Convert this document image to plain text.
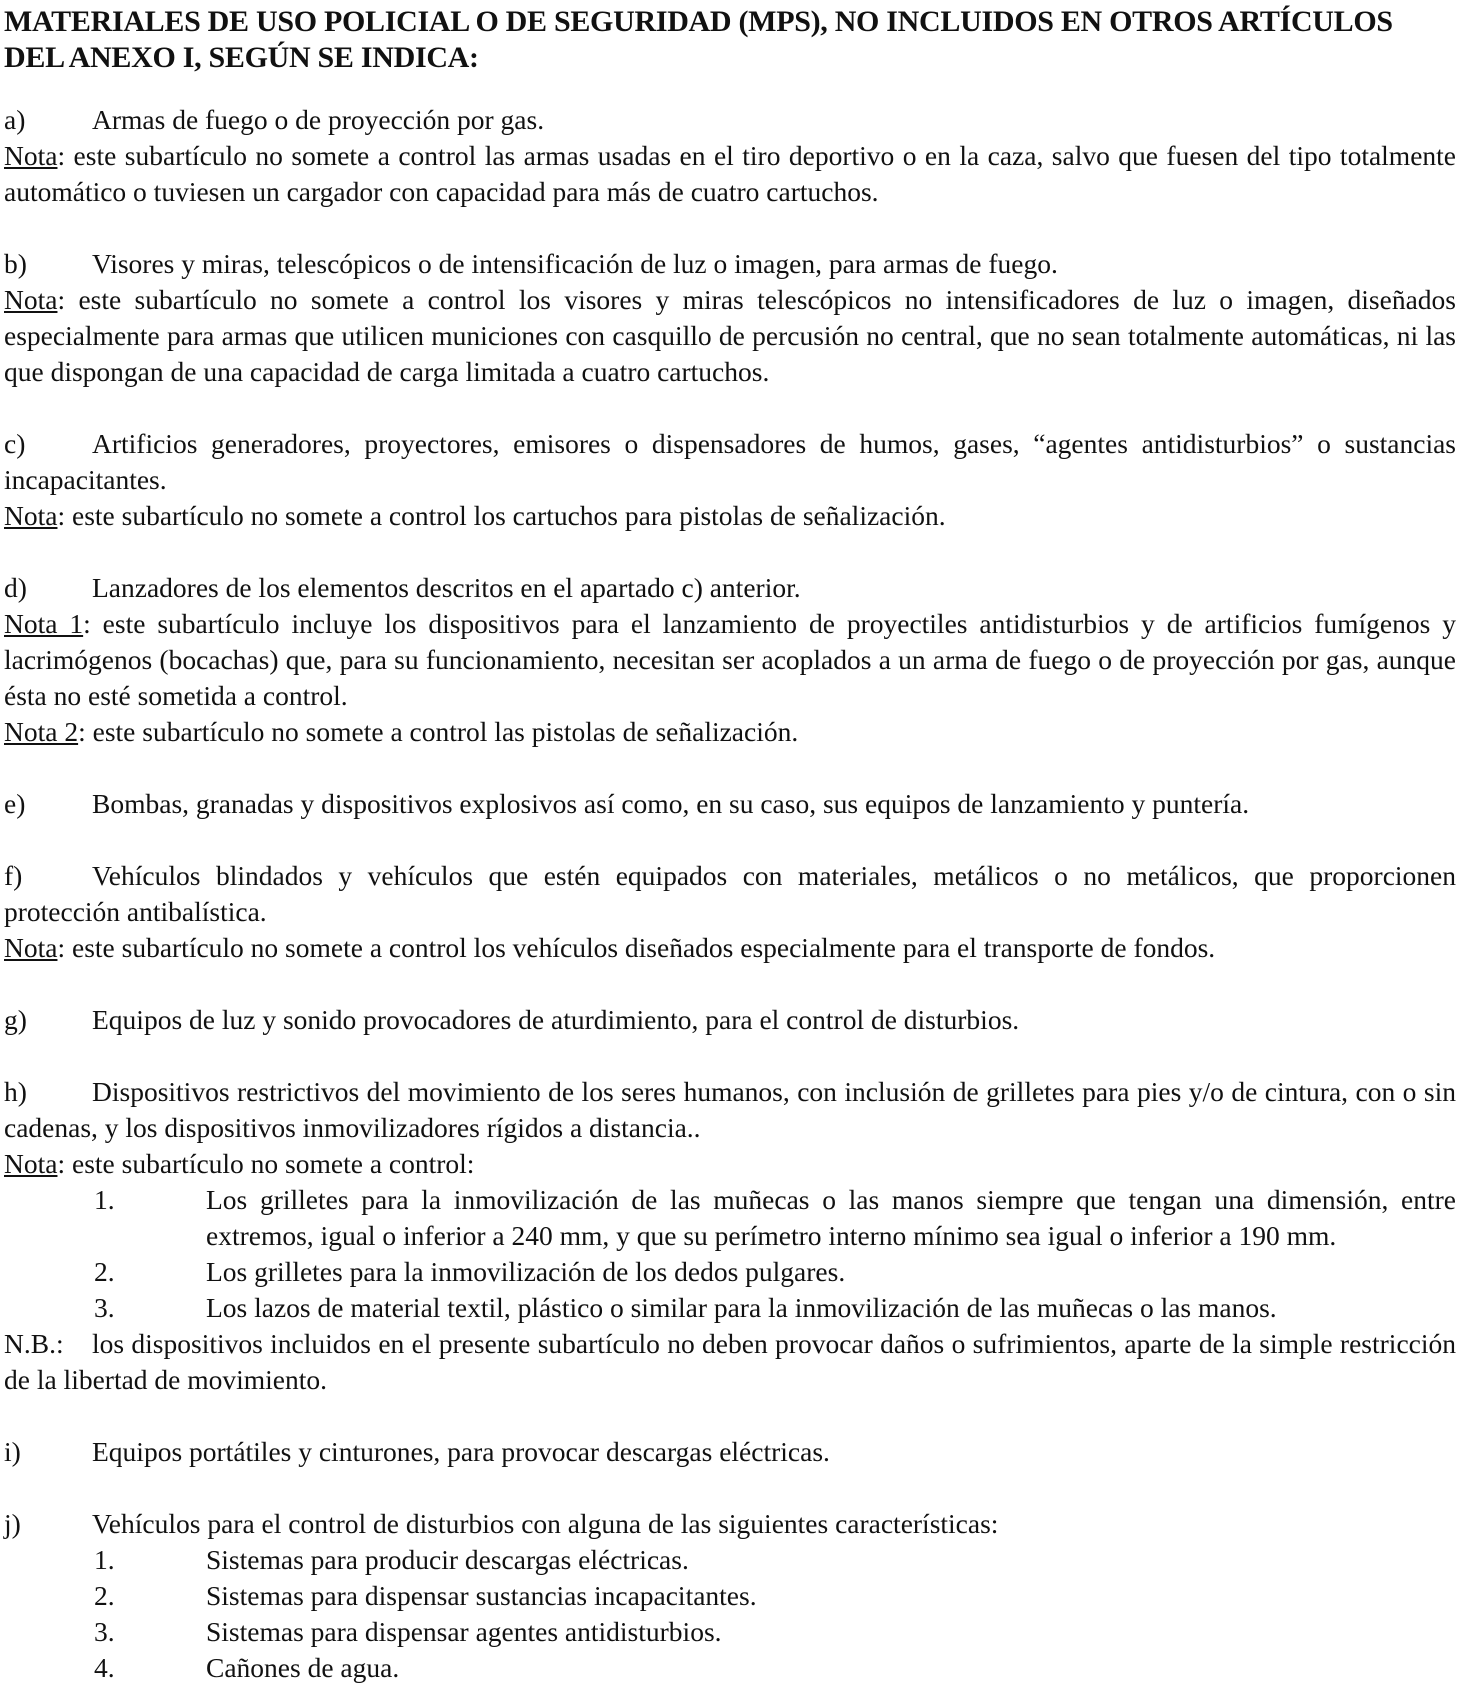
MATERIALES DE USO POLICIAL O DE SEGURIDAD (MPS), NO INCLUIDOS EN OTROS ARTÍCULOS DEL ANEXO I, SEGÚN SE INDICA:

a) Armas de fuego o de proyección por gas.

Nota: este subartículo no somete a control las armas usadas en el tiro deportivo o en la caza, salvo que fuesen del tipo totalmente automático o tuviesen un cargador con capacidad para más de cuatro cartuchos.

b) Visores y miras, telescópicos o de intensificación de luz o imagen, para armas de fuego.

Nota: este subartículo no somete a control los visores y miras telescópicos no intensificadores de luz o imagen, diseñados especialmente para armas que utilicen municiones con casquillo de percusión no central, que no sean totalmente automáticas, ni las que dispongan de una capacidad de carga limitada a cuatro cartuchos.

c) Artificios generadores, proyectores, emisores o dispensadores de humos, gases, “agentes antidisturbios” o sustancias incapacitantes.

Nota: este subartículo no somete a control los cartuchos para pistolas de señalización.

d) Lanzadores de los elementos descritos en el apartado c) anterior.

Nota 1: este subartículo incluye los dispositivos para el lanzamiento de proyectiles antidisturbios y de artificios fumígenos y lacrimógenos (bocachas) que, para su funcionamiento, necesitan ser acoplados a un arma de fuego o de proyección por gas, aunque ésta no esté sometida a control.

Nota 2: este subartículo no somete a control las pistolas de señalización.

e) Bombas, granadas y dispositivos explosivos así como, en su caso, sus equipos de lanzamiento y puntería.

f)	Vehículos blindados y vehículos que estén equipados con materiales, metálicos o no metálicos, que proporcionen protección antibalística.

Nota: este subartículo no somete a control los vehículos diseñados especialmente para el transporte de fondos.

g) Equipos de luz y sonido provocadores de aturdimiento, para el control de disturbios.

h) Dispositivos restrictivos del movimiento de los seres humanos, con inclusión de grilletes para pies y/o de cintura, con o sin cadenas, y los dispositivos inmovilizadores rígidos a distancia..

Nota: este subartículo no somete a control:

1.	Los grilletes para la inmovilización de las muñecas o las manos siempre que tengan una dimensión, entre extremos, igual o inferior a 240 mm, y que su perímetro interno mínimo sea igual o inferior a 190 mm.

2.	Los grilletes para la inmovilización de los dedos pulgares.

3.	Los lazos de material textil, plástico o similar para la inmovilización de las muñecas o las manos.

N.B.: los dispositivos incluidos en el presente subartículo no deben provocar daños o sufrimientos, aparte de la simple restricción de la libertad de movimiento.

i)	Equipos portátiles y cinturones, para provocar descargas eléctricas.

j)	Vehículos para el control de disturbios con alguna de las siguientes características:

1.	Sistemas para producir descargas eléctricas.

2.	Sistemas para dispensar sustancias incapacitantes.

3.	Sistemas para dispensar agentes antidisturbios.

4.	Cañones de agua.
